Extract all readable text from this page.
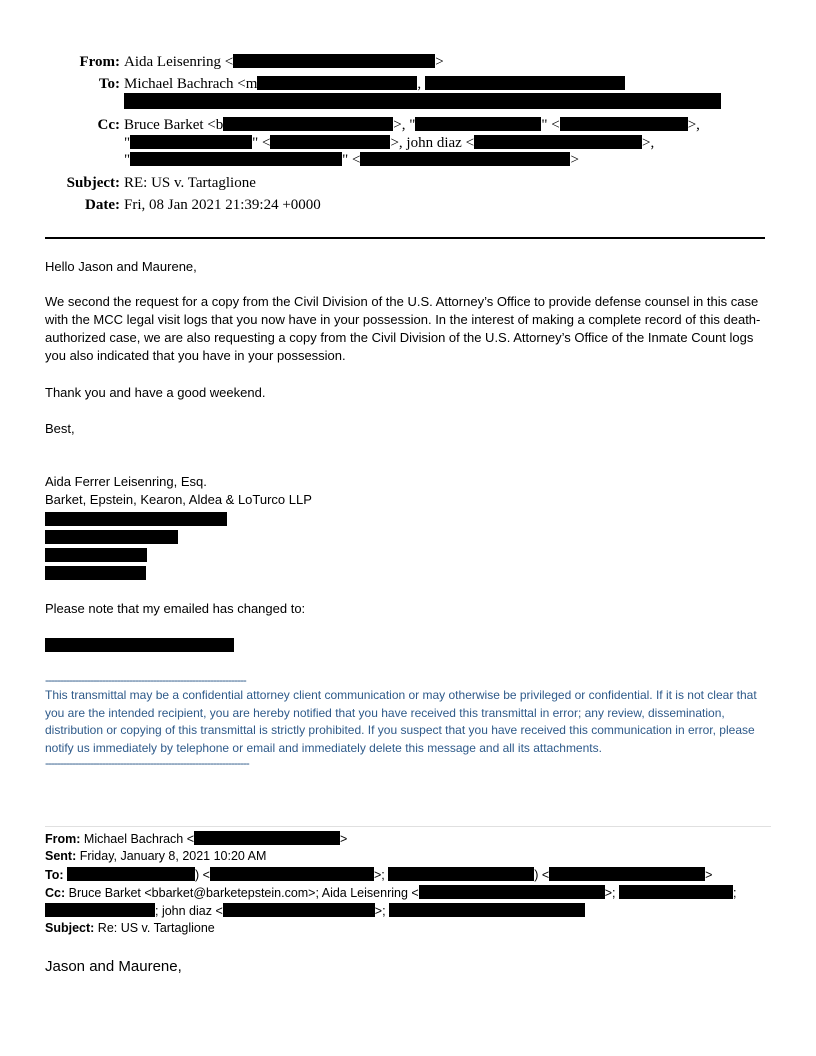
From: Aida Leisenring <	>
To: Michael Bachrach <m	,
Cc: Bruce Barket <b	>, "	" <	>,
"	" <	>, john diaz <	>,
"	" <	>
Subject: RE: US v. Tartaglione
Date: Fri, 08 Jan 2021 21:39:24 +0000
Hello Jason and Maurene,
We second the request for a copy from the Civil Division of the U.S. Attorney’s Office to provide defense counsel in this case with the MCC legal visit logs that you now have in your possession. In the interest of making a complete record of this death-authorized case, we are also requesting a copy from the Civil Division of the U.S. Attorney’s Office of the Inmate Count logs you also indicated that you have in your possession.
Thank you and have a good weekend.
Best,
Aida Ferrer Leisenring, Esq.
Barket, Epstein, Kearon, Aldea & LoTurco LLP
Please note that my emailed has changed to:
-------------------------------------------------------------------
This transmittal may be a confidential attorney client communication or may otherwise be privileged or confidential. If it is not clear that you are the intended recipient, you are hereby notified that you have received this transmittal in error; any review, dissemination, distribution or copying of this transmittal is strictly prohibited. If you suspect that you have received this communication in error, please notify us immediately by telephone or email and immediately delete this message and all its attachments.
--------------------------------------------------------------------
From: Michael Bachrach <	>
Sent: Friday, January 8, 2021 10:20 AM
To:	) <	>;	) <	>
Cc: Bruce Barket <bbarket@barketepstein.com>; Aida Leisenring <	>;	;
; john diaz <	>;
Subject: Re: US v. Tartaglione
Jason and Maurene,
